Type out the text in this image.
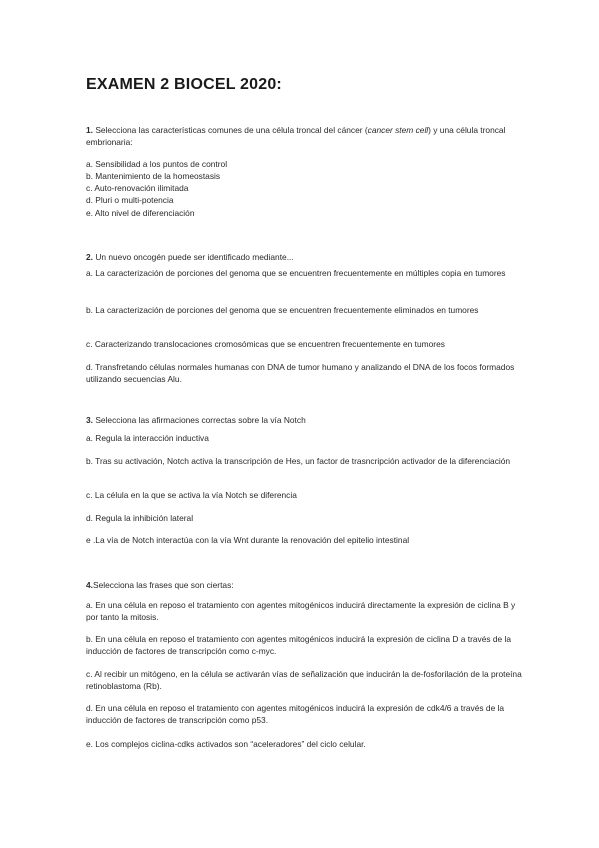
EXAMEN 2 BIOCEL 2020:

1. Selecciona las características comunes de una célula troncal del cáncer (cancer stem cell) y una célula troncal embrionaria:

a. Sensibilidad a los puntos de control

b. Mantenimiento de la homeostasis

c. Auto-renovación ilimitada

d. Pluri o multi-potencia

e. Alto nivel de diferenciación

2. Un nuevo oncogén puede ser identificado mediante...

a. La caracterización de porciones del genoma que se encuentren frecuentemente en múltiples copia en tumores

b. La caracterización de porciones del genoma que se encuentren frecuentemente eliminados en tumores

c. Caracterizando translocaciones cromosómicas que se encuentren frecuentemente en tumores

d. Transfretando células normales humanas con DNA de tumor humano y analizando el DNA de los focos formados utilizando secuencias Alu.

3. Selecciona las afirmaciones correctas sobre la vía Notch

a. Regula la interacción inductiva

b. Tras su activación, Notch activa la transcripción de Hes, un factor de trasncripción activador de la diferenciación

c. La célula en la que se activa la vía Notch se diferencia

d. Regula la inhibición lateral

e .La vía de Notch interactúa con la vía Wnt durante la renovación del epitelio intestinal

4.Selecciona las frases que son ciertas:

a. En una célula en reposo el tratamiento con agentes mitogénicos inducirá directamente la expresión de ciclina B y por tanto la mitosis.

b. En una célula en reposo el tratamiento con agentes mitogénicos inducirá la expresión de ciclina D a través de la inducción de factores de transcripción como c-myc.

c. Al recibir un mitógeno, en la célula se activarán vías de señalización que inducirán la de-fosforilación de la proteína retinoblastoma (Rb).

d. En una célula en reposo el tratamiento con agentes mitogénicos inducirá la expresión de cdk4/6 a través de la inducción de factores de transcripción como p53.

e. Los complejos ciclina-cdks activados son “aceleradores” del ciclo celular.
